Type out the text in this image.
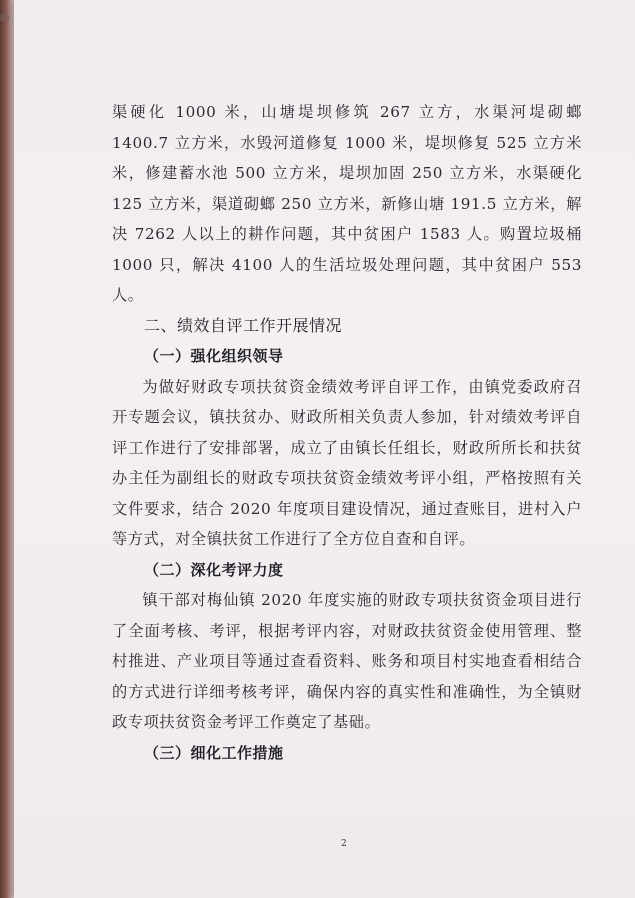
83

渠硬化 1000 米，山塘堤坝修筑 267 立方，水渠河堤砌螂 1400.7 立方米，水毁河道修复 1000 米，堤坝修复 525 立方米米，修建蓄水池 500 立方米，堤坝加固 250 立方米，水渠硬化 125 立方米，渠道砌螂 250 立方米，新修山塘 191.5 立方米，解决 7262 人以上的耕作问题，其中贫困户 1583 人。购置垃圾桶 1000 只，解决 4100 人的生活垃圾处理问题，其中贫困户 553 人。

二、绩效自评工作开展情况

（一）强化组织领导

为做好财政专项扶贫资金绩效考评自评工作，由镇党委政府召开专题会议，镇扶贫办、财政所相关负责人参加，针对绩效考评自评工作进行了安排部署，成立了由镇长任组长，财政所所长和扶贫办主任为副组长的财政专项扶贫资金绩效考评小组，严格按照有关文件要求，结合 2020 年度项目建设情况，通过查账目，进村入户等方式，对全镇扶贫工作进行了全方位自查和自评。

（二）深化考评力度

镇干部对梅仙镇 2020 年度实施的财政专项扶贫资金项目进行了全面考核、考评，根据考评内容，对财政扶贫资金使用管理、整村推进、产业项目等通过查看资料、账务和项目村实地查看相结合的方式进行详细考核考评，确保内容的真实性和准确性，为全镇财政专项扶贫资金考评工作奠定了基础。

（三）细化工作措施

2
